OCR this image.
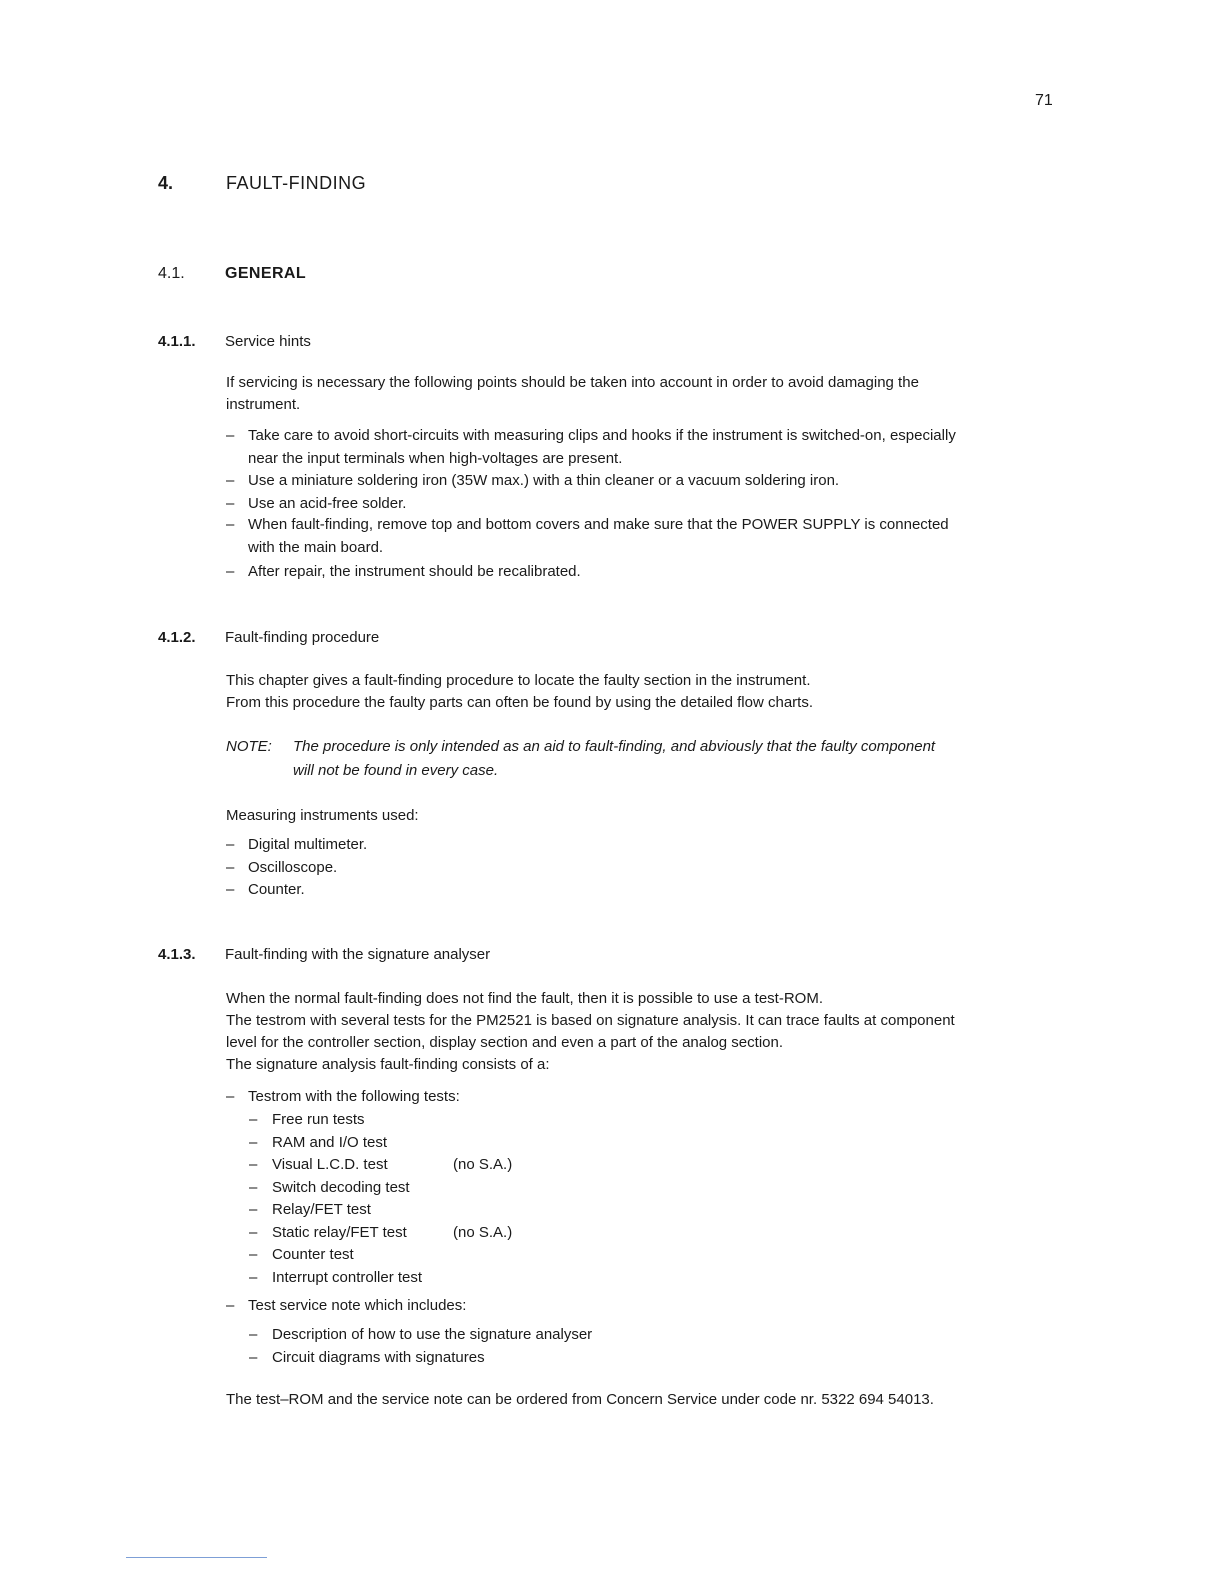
71
4.	FAULT-FINDING
4.1.	GENERAL
4.1.1. Service hints
If servicing is necessary the following points should be taken into account in order to avoid damaging the
instrument.
– Take care to avoid short-circuits with measuring clips and hooks if the instrument is switched-on, especially
near the input terminals when high-voltages are present.
– Use a miniature soldering iron (35W max.) with a thin cleaner or a vacuum soldering iron.
– Use an acid-free solder.
– When fault-finding, remove top and bottom covers and make sure that the POWER SUPPLY is connected
with the main board.
– After repair, the instrument should be recalibrated.
4.1.2. Fault-finding procedure
This chapter gives a fault-finding procedure to locate the faulty section in the instrument.
From this procedure the faulty parts can often be found by using the detailed flow charts.
NOTE: The procedure is only intended as an aid to fault-finding, and abviously that the faulty component
will not be found in every case.
Measuring instruments used:
– Digital multimeter.
– Oscilloscope.
– Counter.
4.1.3. Fault-finding with the signature analyser
When the normal fault-finding does not find the fault, then it is possible to use a test-ROM.
The testrom with several tests for the PM2521 is based on signature analysis. It can trace faults at component
level for the controller section, display section and even a part of the analog section.
The signature analysis fault-finding consists of a:
– Testrom with the following tests:
– Free run tests
– RAM and I/O test
– Visual L.C.D. test	(no S.A.)
– Switch decoding test
– Relay/FET test
– Static relay/FET test	(no S.A.)
– Counter test
– Interrupt controller test
– Test service note which includes:
– Description of how to use the signature analyser
– Circuit diagrams with signatures
The test–ROM and the service note can be ordered from Concern Service under code nr. 5322 694 54013.
